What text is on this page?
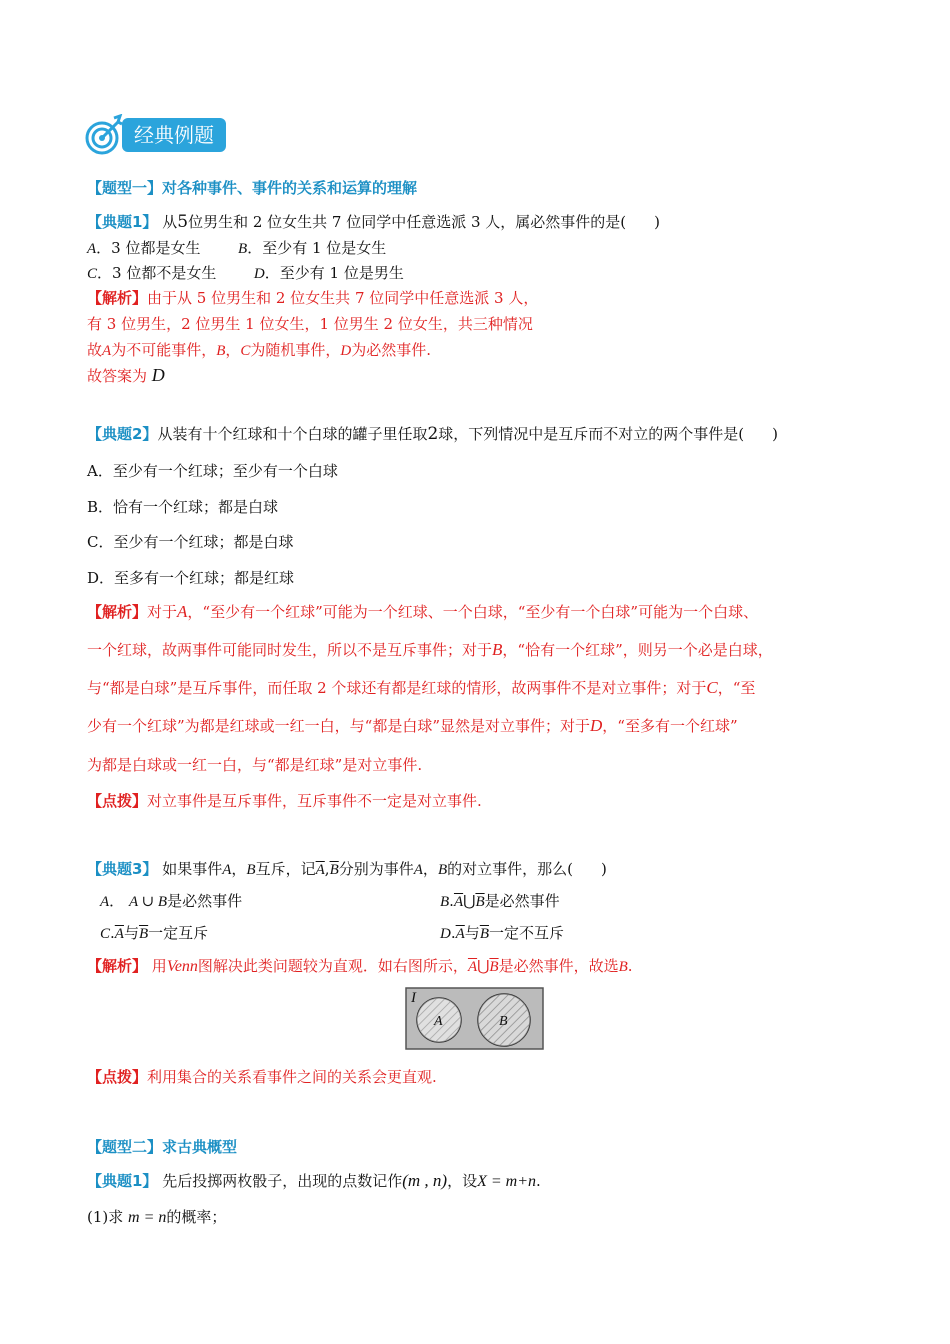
经典例题
【题型一】对各种事件、事件的关系和运算的理解
【典题1】 从5位男生和 2 位女生共 7 位同学中任意选派 3 人，属必然事件的是( )
A．3 位都是女生	B．至少有 1 位是女生
C．3 位都不是女生	D．至少有 1 位是男生
【解析】由于从 5 位男生和 2 位女生共 7 位同学中任意选派 3 人，
有 3 位男生，2 位男生 1 位女生，1 位男生 2 位女生，共三种情况
故A为不可能事件，B，C为随机事件，D为必然事件.
故答案为 D
【典题2】从装有十个红球和十个白球的罐子里任取2球，下列情况中是互斥而不对立的两个事件是( )
A．至少有一个红球；至少有一个白球
B．恰有一个红球；都是白球
C．至少有一个红球；都是白球
D．至多有一个红球；都是红球
【解析】对于A，“至少有一个红球”可能为一个红球、一个白球，“至少有一个白球”可能为一个白球、
一个红球，故两事件可能同时发生，所以不是互斥事件；对于B，“恰有一个红球”，则另一个必是白球，
与“都是白球”是互斥事件，而任取 2 个球还有都是红球的情形，故两事件不是对立事件；对于C，“至
少有一个红球”为都是红球或一红一白，与“都是白球”显然是对立事件；对于D，“至多有一个红球”
为都是白球或一红一白，与“都是红球”是对立事件.
【点拨】对立事件是互斥事件，互斥事件不一定是对立事件.
【典题3】 如果事件A，B互斥，记$\overline{A},\overline{B}$分别为事件A，B的对立事件，那么( )
A． A ∪ B是必然事件	$B.\overline{A}⋃\overline{B}$是必然事件
$C.\overline{A}$与$\overline{B}$一定互斥	$D.\overline{A}$与$\overline{B}$一定不互斥
【解析】 用Venn图解决此类问题较为直观．如右图所示，$\overline{A}⋃\overline{B}$是必然事件，故选B.
I
A	B
【点拨】利用集合的关系看事件之间的关系会更直观.
【题型二】求古典概型
【典题1】 先后投掷两枚骰子，出现的点数记作(m , n)，设X = m+n.
(1)求 m = n的概率；
